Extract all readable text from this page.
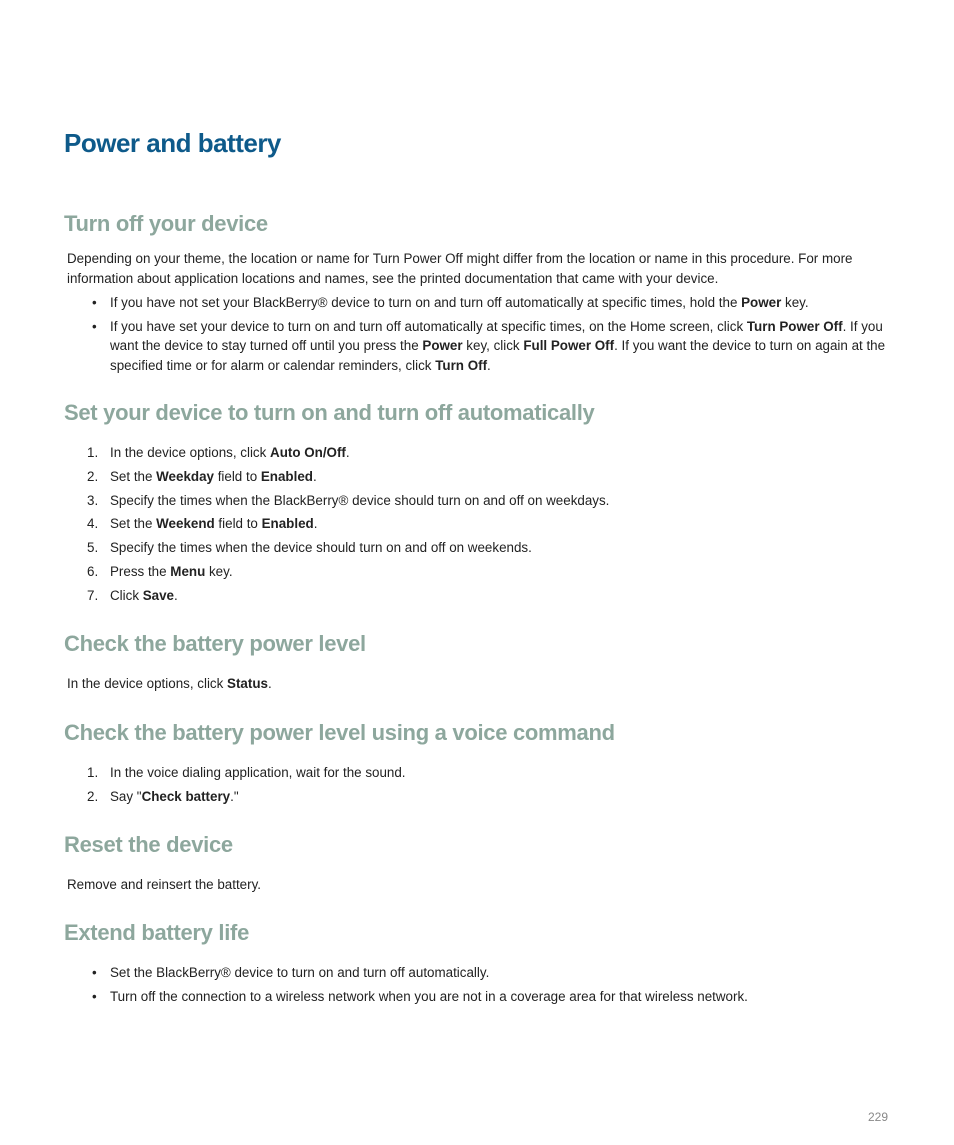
Power and battery
Turn off your device

Depending on your theme, the location or name for Turn Power Off might differ from the location or name in this procedure. For more information about application locations and names, see the printed documentation that came with your device.

• If you have not set your BlackBerry® device to turn on and turn off automatically at specific times, hold the Power key.
• If you have set your device to turn on and turn off automatically at specific times, on the Home screen, click Turn Power Off. If you want the device to stay turned off until you press the Power key, click Full Power Off. If you want the device to turn on again at the specified time or for alarm or calendar reminders, click Turn Off.
Set your device to turn on and turn off automatically
1. In the device options, click Auto On/Off.
2. Set the Weekday field to Enabled.
3. Specify the times when the BlackBerry® device should turn on and off on weekdays.
4. Set the Weekend field to Enabled.
5. Specify the times when the device should turn on and off on weekends.
6. Press the Menu key.
7. Click Save.
Check the battery power level

In the device options, click Status.

Check the battery power level using a voice command
1. In the voice dialing application, wait for the sound.
2. Say "Check battery."
Reset the device

Remove and reinsert the battery.

Extend battery life
• Set the BlackBerry® device to turn on and turn off automatically.
• Turn off the connection to a wireless network when you are not in a coverage area for that wireless network.
229
